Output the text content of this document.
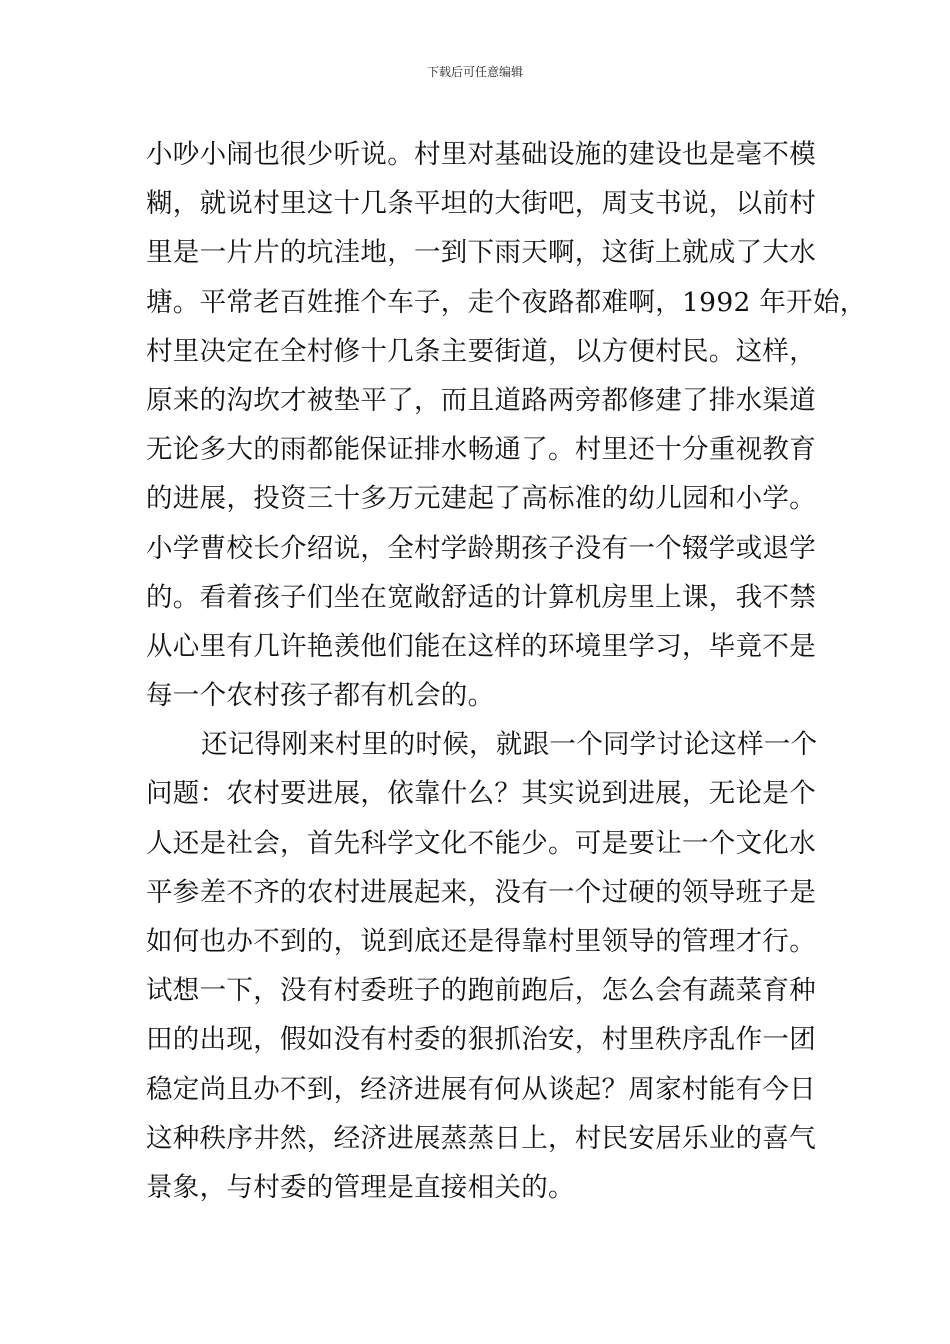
下载后可任意编辑
小吵小闹也很少听说。村里对基础设施的建设也是毫不模
糊，就说村里这十几条平坦的大街吧，周支书说，以前村
里是一片片的坑洼地，一到下雨天啊，这街上就成了大水
塘。平常老百姓推个车子，走个夜路都难啊，1992 年开始，
村里决定在全村修十几条主要街道，以方便村民。这样，
原来的沟坎才被垫平了，而且道路两旁都修建了排水渠道
无论多大的雨都能保证排水畅通了。村里还十分重视教育
的进展，投资三十多万元建起了高标准的幼儿园和小学。
小学曹校长介绍说，全村学龄期孩子没有一个辍学或退学
的。看着孩子们坐在宽敞舒适的计算机房里上课，我不禁
从心里有几许艳羡他们能在这样的环境里学习，毕竟不是
每一个农村孩子都有机会的。
还记得刚来村里的时候，就跟一个同学讨论这样一个
问题：农村要进展，依靠什么？其实说到进展，无论是个
人还是社会，首先科学文化不能少。可是要让一个文化水
平参差不齐的农村进展起来，没有一个过硬的领导班子是
如何也办不到的，说到底还是得靠村里领导的管理才行。
试想一下，没有村委班子的跑前跑后，怎么会有蔬菜育种
田的出现，假如没有村委的狠抓治安，村里秩序乱作一团
稳定尚且办不到，经济进展有何从谈起？周家村能有今日
这种秩序井然，经济进展蒸蒸日上，村民安居乐业的喜气
景象，与村委的管理是直接相关的。
